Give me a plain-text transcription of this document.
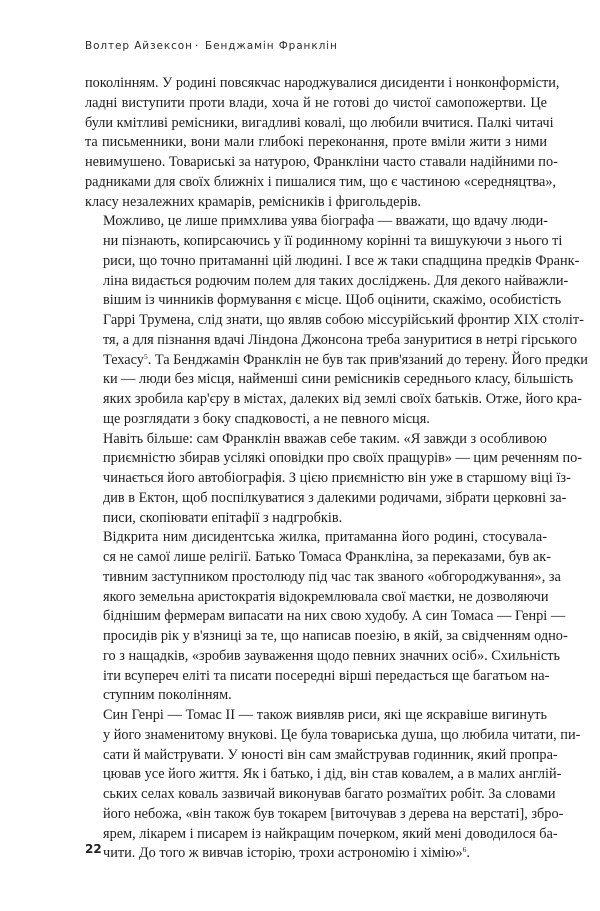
Волтер Айзексон · Бенджамін Франклін

поколінням. У родині повсякчас народжувалися дисиденти і нонконформісти,
ладні виступити проти влади, хоча й не готові до чистої самопожертви. Це
були кмітливі ремісники, вигадливі ковалі, що любили вчитися. Палкі читачі
та письменники, вони мали глибокі переконання, проте вміли жити з ними
невимушено. Товариські за натурою, Франкліни часто ставали надійними по-
радниками для своїх ближніх і пишалися тим, що є частиною «середняцтва»,
класу незалежних крамарів, ремісників і фригольдерів.

Можливо, це лише примхлива уява біографа — вважати, що вдачу люди-
ни пізнають, копирсаючись у її родинному корінні та вишукуючи з нього ті
риси, що точно притаманні цій людині. І все ж таки спадщина предків Франк-
ліна видається родючим полем для таких досліджень. Для декого найважли-
вішим із чинників формування є місце. Щоб оцінити, скажімо, особистість
Гаррі Трумена, слід знати, що являв собою міссурійський фронтир XIX століт-
тя, а для пізнання вдачі Ліндона Джонсона треба зануритися в нетрі гірського
Техасу$^5$. Та Бенджамін Франклін не був так прив'язаний до терену. Його предки
ки — люди без місця, найменші сини ремісників середнього класу, більшість
яких зробила кар'єру в містах, далеких від землі своїх батьків. Отже, його кра-
ще розглядати з боку спадковості, а не певного місця.

Навіть більше: сам Франклін вважав себе таким. «Я завжди з особливою
приємністю збирав усілякі оповідки про своїх пращурів» — цим реченням по-
чинається його автобіографія. З цією приємністю він уже в старшому віці їз-
див в Ектон, щоб поспілкуватися з далекими родичами, зібрати церковні за-
писи, скопіювати епітафії з надгробків.

Відкрита ним дисидентська жилка, притаманна його родині, стосувала-
ся не самої лише релігії. Батько Томаса Франкліна, за переказами, був ак-
тивним заступником простолюду під час так званого «обгороджування», за
якого земельна аристократія відокремлювала свої маєтки, не дозволяючи
біднішим фермерам випасати на них свою худобу. А син Томаса — Генрі —
просидів рік у в'язниці за те, що написав поезію, в якій, за свідченням одно-
го з нащадків, «зробив зауваження щодо певних значних осіб». Схильність
іти всупереч еліті та писати посередні вірші передасться ще багатьом на-
ступним поколінням.

Син Генрі — Томас II — також виявляв риси, які ще яскравіше вигинуть
у його знаменитому внукові. Це була товариська душа, що любила читати, пи-
сати й майструвати. У юності він сам змайстрував годинник, який пропра-
цював усе його життя. Як і батько, і дід, він став ковалем, а в малих англій-
ських селах коваль зазвичай виконував багато розмаїтих робіт. За словами
його небожа, «він також був токарем [виточував з дерева на верстаті], збро-
ярем, лікарем і писарем із найкращим почерком, який мені доводилося ба-
чити. До того ж вивчав історію, трохи астрономію і хімію»$^6$.

22
